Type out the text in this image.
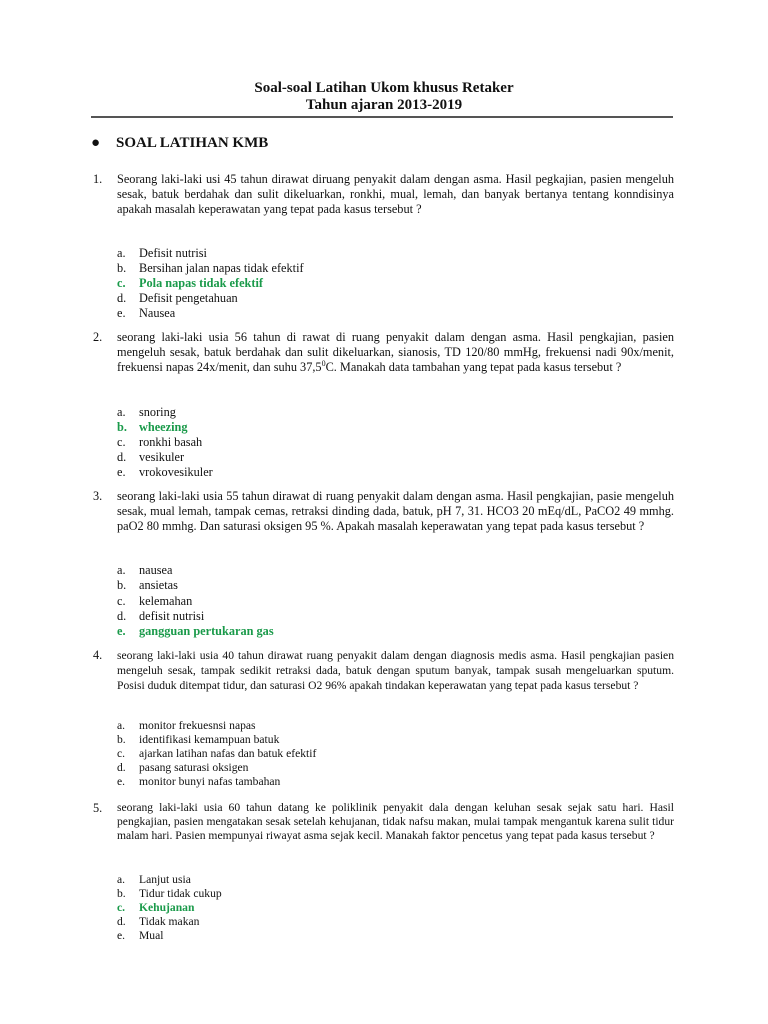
Soal-soal Latihan Ukom khusus Retaker
Tahun ajaran 2013-2019
● SOAL LATIHAN KMB
1. Seorang laki-laki usi 45 tahun dirawat diruang penyakit dalam dengan asma. Hasil pegkajian, pasien mengeluh sesak, batuk berdahak dan sulit dikeluarkan, ronkhi, mual, lemah, dan banyak bertanya tentang konndisinya apakah masalah keperawatan yang tepat pada kasus tersebut ?
a. Defisit nutrisi
b. Bersihan jalan napas tidak efektif
c. Pola napas tidak efektif
d. Defisit pengetahuan
e. Nausea
2. seorang laki-laki usia 56 tahun di rawat di ruang penyakit dalam dengan asma. Hasil pengkajian, pasien mengeluh sesak, batuk berdahak dan sulit dikeluarkan, sianosis, TD 120/80 mmHg, frekuensi nadi 90x/menit, frekuensi napas 24x/menit, dan suhu 37,5$^0$C. Manakah data tambahan yang tepat pada kasus tersebut ?
a. snoring
b. wheezing
c. ronkhi basah
d. vesikuler
e. vrokovesikuler
3. seorang laki-laki usia 55 tahun dirawat di ruang penyakit dalam dengan asma. Hasil pengkajian, pasie mengeluh sesak, mual lemah, tampak cemas, retraksi dinding dada, batuk, pH 7, 31. HCO3 20 mEq/dL, PaCO2 49 mmhg. paO2 80 mmhg. Dan saturasi oksigen 95 %. Apakah masalah keperawatan yang tepat pada kasus tersebut ?
a. nausea
b. ansietas
c. kelemahan
d. defisit nutrisi
e. gangguan pertukaran gas
4. seorang laki-laki usia 40 tahun dirawat ruang penyakit dalam dengan diagnosis medis asma. Hasil pengkajian pasien mengeluh sesak, tampak sedikit retraksi dada, batuk dengan sputum banyak, tampak susah mengeluarkan sputum. Posisi duduk ditempat tidur, dan saturasi O2 96% apakah tindakan keperawatan yang tepat pada kasus tersebut ?
a. monitor frekuesnsi napas
b. identifikasi kemampuan batuk
c. ajarkan latihan nafas dan batuk efektif
d. pasang saturasi oksigen
e. monitor bunyi nafas tambahan
5. seorang laki-laki usia 60 tahun datang ke poliklinik penyakit dala dengan keluhan sesak sejak satu hari. Hasil pengkajian, pasien mengatakan sesak setelah kehujanan, tidak nafsu makan, mulai tampak mengantuk karena sulit tidur malam hari. Pasien mempunyai riwayat asma sejak kecil. Manakah faktor pencetus yang tepat pada kasus tersebut ?
a. Lanjut usia
b. Tidur tidak cukup
c. Kehujanan
d. Tidak makan
e. Mual
